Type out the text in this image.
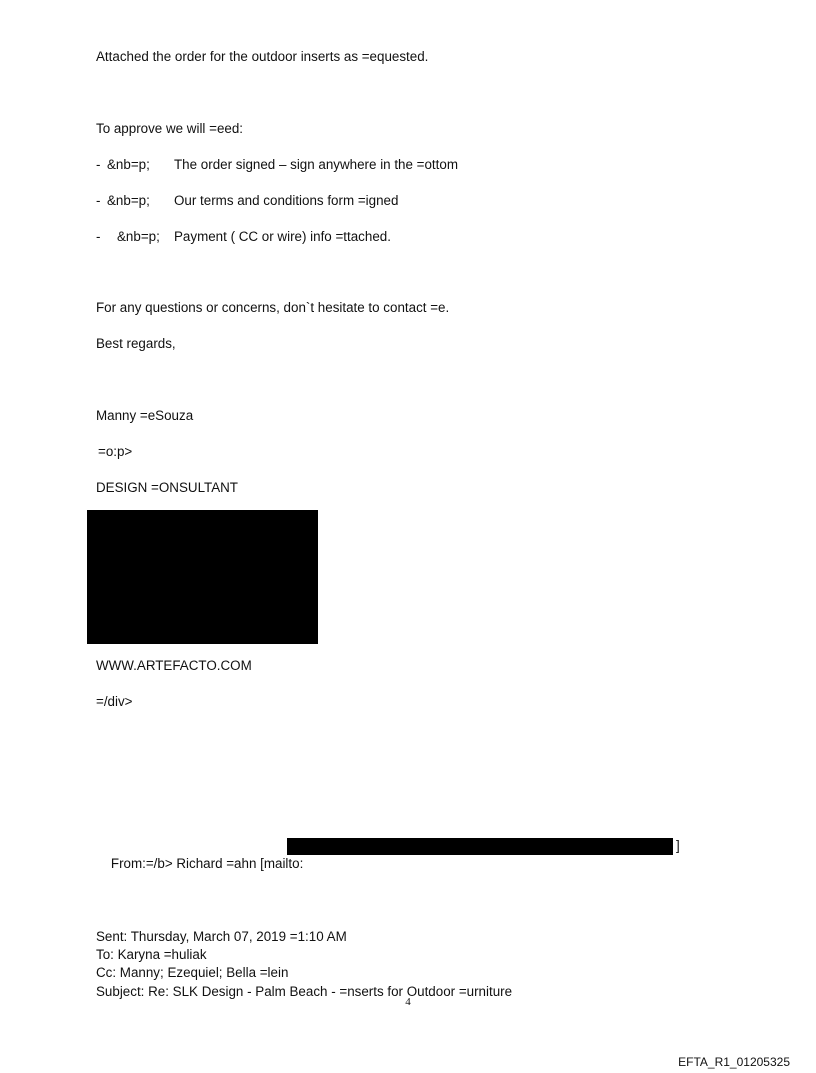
Attached the order for the outdoor inserts as =equested.
To approve we will =eed:
- &nb=p; The order signed – sign anywhere in the =ottom
- &nb=p; Our terms and conditions form =igned
- &nb=p; Payment ( CC or wire) info =ttached.
For any questions or concerns, don`t hesitate to contact =e.
Best regards,
Manny =eSouza
=o:p>
DESIGN =ONSULTANT
WWW.ARTEFACTO.COM
=/div>

From:=/b> Richard =ahn [mailto:

]

Sent: Thursday, March 07, 2019 =1:10 AM
To: Karyna =huliak
Cc: Manny; Ezequiel; Bella =lein
Subject: Re: SLK Design - Palm Beach - =nserts for Outdoor =urniture
4
EFTA_R1_01205325
